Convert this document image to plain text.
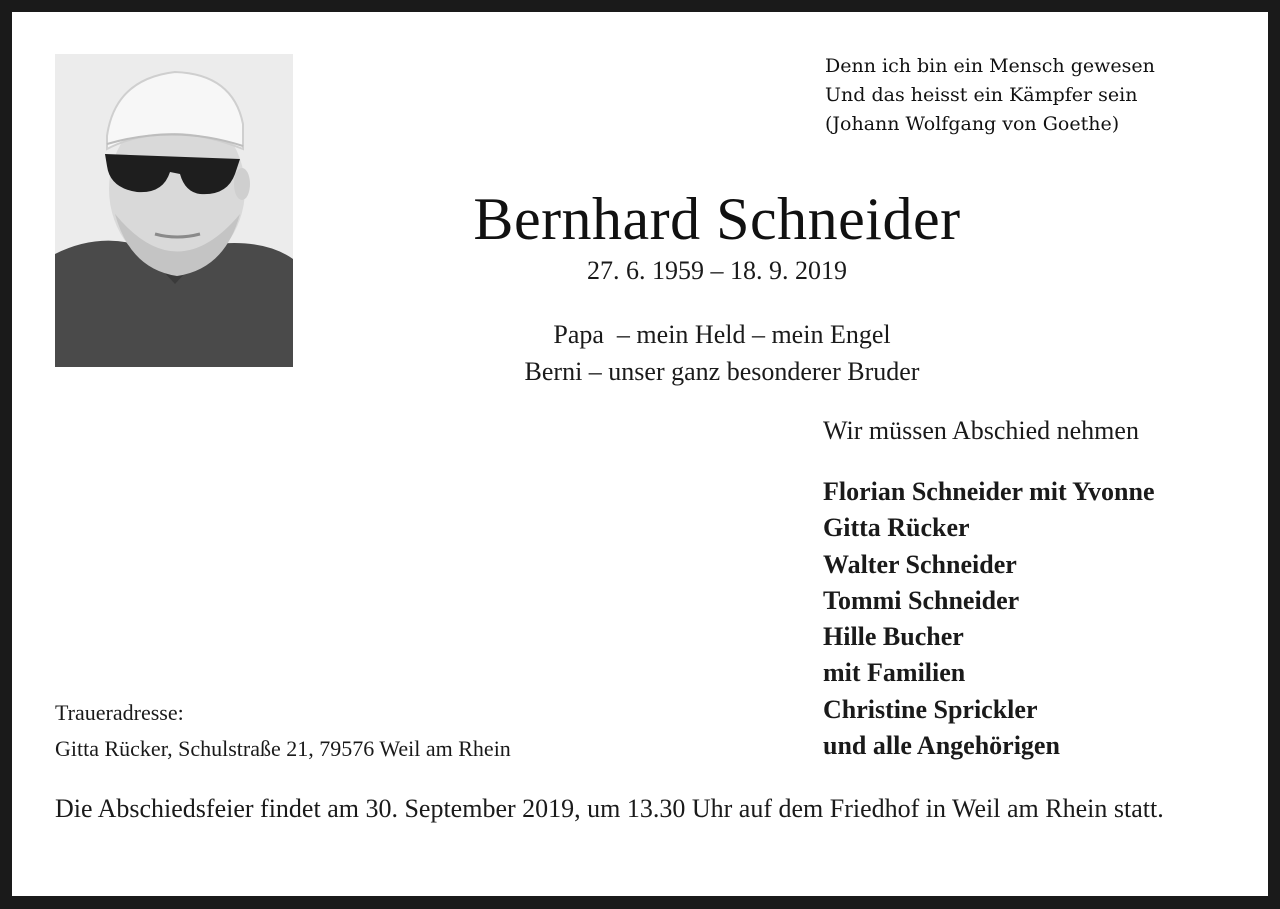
Denn ich bin ein Mensch gewesen
Und das heisst ein Kämpfer sein
(Johann Wolfgang von Goethe)
Bernhard Schneider
27. 6. 1959 – 18. 9. 2019
Papa  – mein Held – mein Engel
Berni – unser ganz besonderer Bruder
Wir müssen Abschied nehmen
Florian Schneider mit Yvonne
Gitta Rücker
Walter Schneider
Tommi Schneider
Hille Bucher
mit Familien
Christine Sprickler
und alle Angehörigen
Traueradresse:
Gitta Rücker, Schulstraße 21, 79576 Weil am Rhein
Die Abschiedsfeier findet am 30. September 2019, um 13.30 Uhr auf dem Friedhof in Weil am Rhein statt.
